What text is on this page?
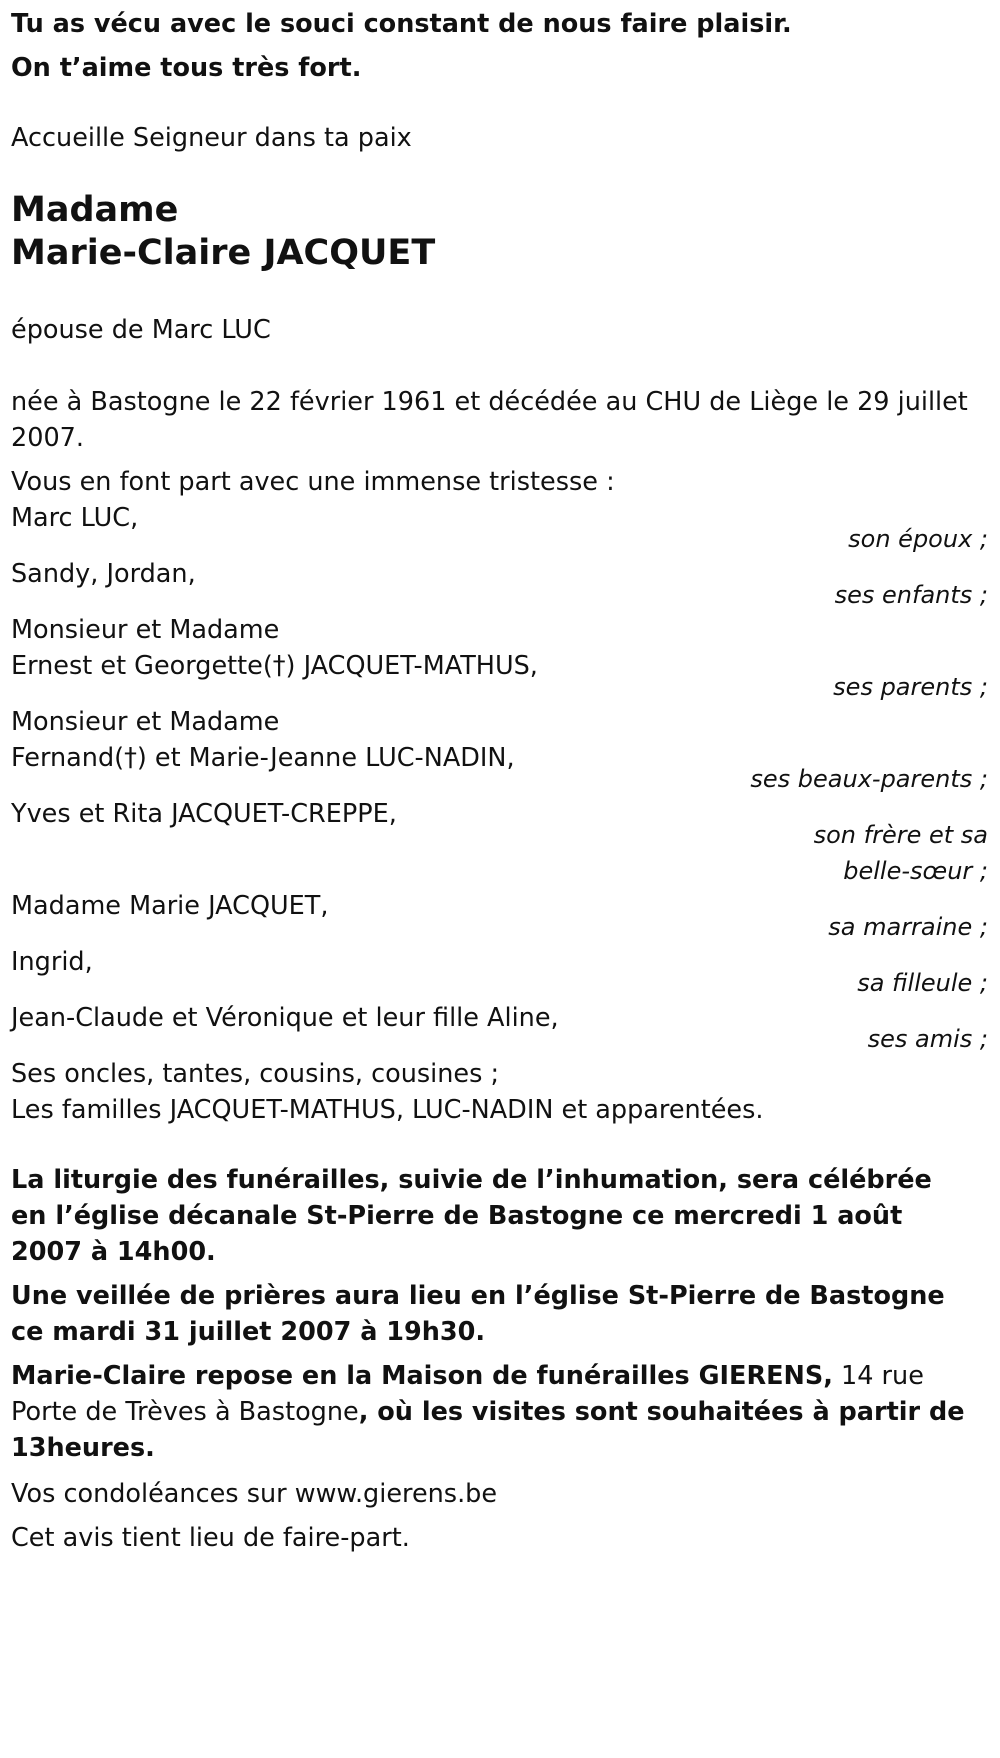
Tu as vécu avec le souci constant de nous faire plaisir.

On t’aime tous très fort.

Accueille Seigneur dans ta paix

Madame

Marie-Claire JACQUET

épouse de Marc LUC

née à Bastogne le 22 février 1961 et décédée au CHU de Liège le 29 juillet

2007.

Vous en font part avec une immense tristesse :

Marc LUC,

son époux ;

Sandy, Jordan,

ses enfants ;

Monsieur et Madame

Ernest et Georgette(†) JACQUET-MATHUS,

ses parents ;

Monsieur et Madame

Fernand(†) et Marie-Jeanne LUC-NADIN,

ses beaux-parents ;

Yves et Rita JACQUET-CREPPE,

son frère et sa

belle-sœur ;

Madame Marie JACQUET,

sa marraine ;

Ingrid,

sa filleule ;

Jean-Claude et Véronique et leur fille Aline,

ses amis ;

Ses oncles, tantes, cousins, cousines ;

Les familles JACQUET-MATHUS, LUC-NADIN et apparentées.

La liturgie des funérailles, suivie de l’inhumation, sera célébrée en l’église décanale St-Pierre de Bastogne ce mercredi 1 août 2007 à 14h00.

Une veillée de prières aura lieu en l’église St-Pierre de Bastogne ce mardi 31 juillet 2007 à 19h30.

Marie-Claire repose en la Maison de funérailles GIERENS, 14 rue Porte de Trèves à Bastogne, où les visites sont souhaitées à partir de 13heures.

Vos condoléances sur www.gierens.be

Cet avis tient lieu de faire-part.
